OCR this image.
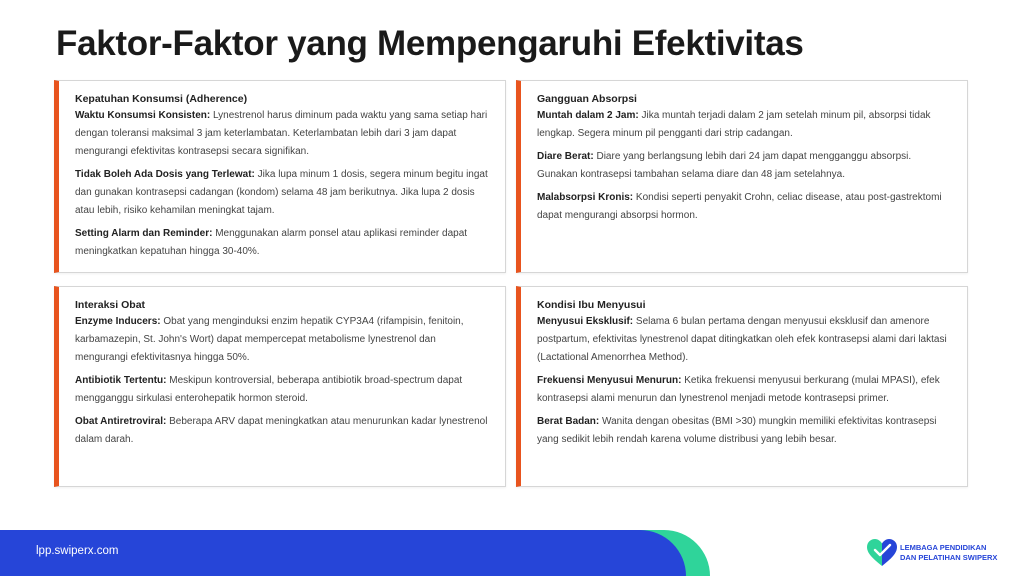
Faktor-Faktor yang Mempengaruhi Efektivitas
Kepatuhan Konsumsi (Adherence)
Waktu Konsumsi Konsisten: Lynestrenol harus diminum pada waktu yang sama setiap hari dengan toleransi maksimal 3 jam keterlambatan. Keterlambatan lebih dari 3 jam dapat mengurangi efektivitas kontrasepsi secara signifikan.
Tidak Boleh Ada Dosis yang Terlewat: Jika lupa minum 1 dosis, segera minum begitu ingat dan gunakan kontrasepsi cadangan (kondom) selama 48 jam berikutnya. Jika lupa 2 dosis atau lebih, risiko kehamilan meningkat tajam.
Setting Alarm dan Reminder: Menggunakan alarm ponsel atau aplikasi reminder dapat meningkatkan kepatuhan hingga 30-40%.
Gangguan Absorpsi
Muntah dalam 2 Jam: Jika muntah terjadi dalam 2 jam setelah minum pil, absorpsi tidak lengkap. Segera minum pil pengganti dari strip cadangan.
Diare Berat: Diare yang berlangsung lebih dari 24 jam dapat mengganggu absorpsi. Gunakan kontrasepsi tambahan selama diare dan 48 jam setelahnya.
Malabsorpsi Kronis: Kondisi seperti penyakit Crohn, celiac disease, atau post-gastrektomi dapat mengurangi absorpsi hormon.
Interaksi Obat
Enzyme Inducers: Obat yang menginduksi enzim hepatik CYP3A4 (rifampisin, fenitoin, karbamazepin, St. John's Wort) dapat mempercepat metabolisme lynestrenol dan mengurangi efektivitasnya hingga 50%.
Antibiotik Tertentu: Meskipun kontroversial, beberapa antibiotik broad-spectrum dapat mengganggu sirkulasi enterohepatik hormon steroid.
Obat Antiretroviral: Beberapa ARV dapat meningkatkan atau menurunkan kadar lynestrenol dalam darah.
Kondisi Ibu Menyusui
Menyusui Eksklusif: Selama 6 bulan pertama dengan menyusui eksklusif dan amenore postpartum, efektivitas lynestrenol dapat ditingkatkan oleh efek kontrasepsi alami dari laktasi (Lactational Amenorrhea Method).
Frekuensi Menyusui Menurun: Ketika frekuensi menyusui berkurang (mulai MPASI), efek kontrasepsi alami menurun dan lynestrenol menjadi metode kontrasepsi primer.
Berat Badan: Wanita dengan obesitas (BMI >30) mungkin memiliki efektivitas kontrasepsi yang sedikit lebih rendah karena volume distribusi yang lebih besar.
lpp.swiperx.com	LEMBAGA PENDIDIKAN
DAN PELATIHAN SWIPERX
